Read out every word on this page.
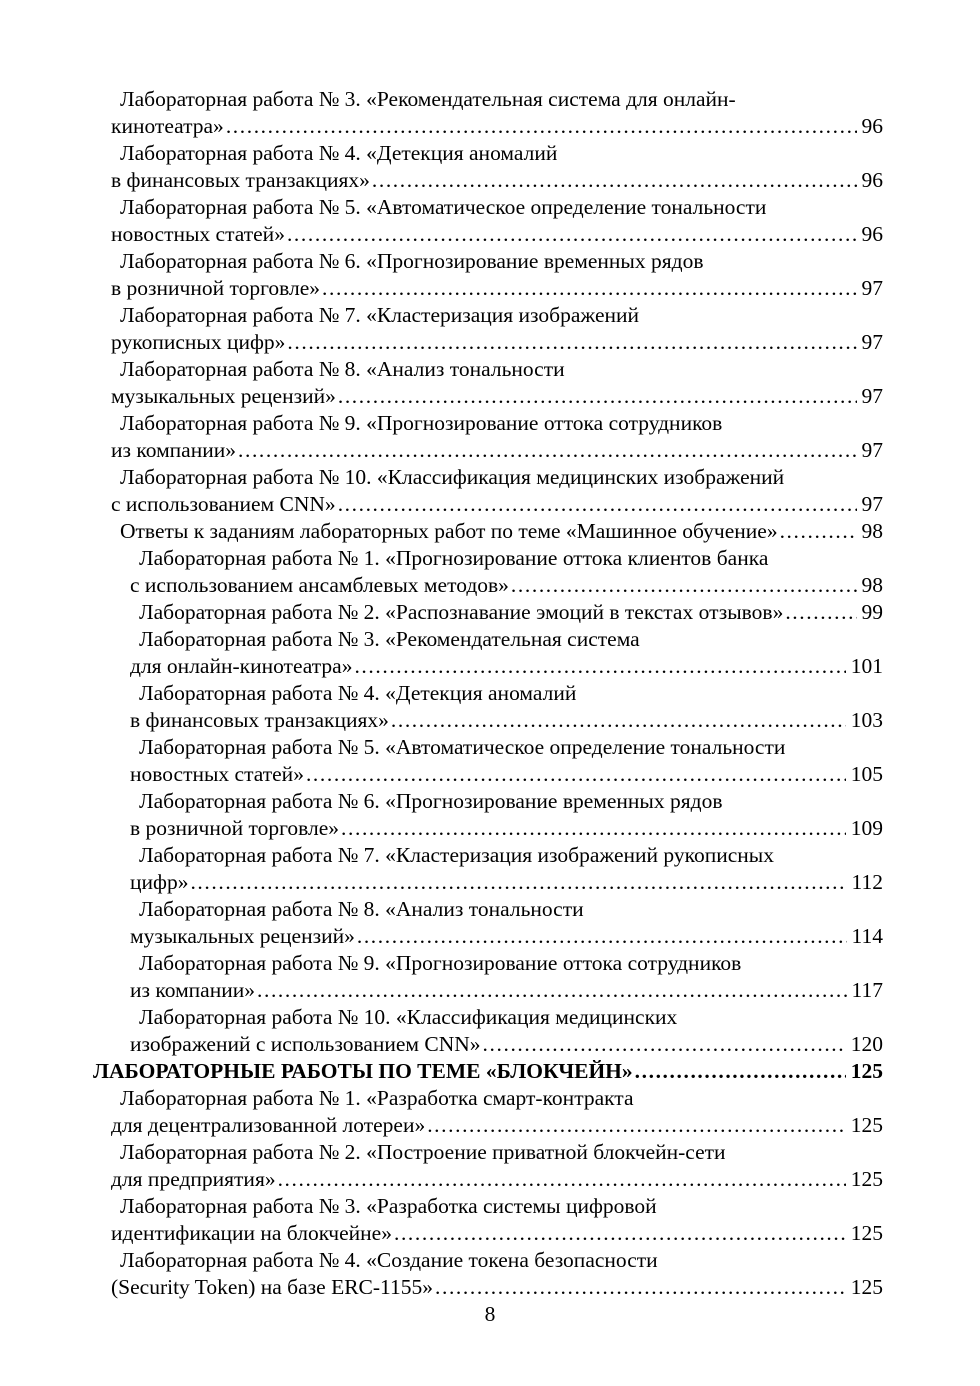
Лабораторная работа № 3. «Рекомендательная система для онлайн-
кинотеатра» .....	96
Лабораторная работа № 4. «Детекция аномалий
в финансовых транзакциях» .....	96
Лабораторная работа № 5. «Автоматическое определение тональности
новостных статей» .....	96
Лабораторная работа № 6. «Прогнозирование временных рядов
в розничной торговле» .....	97
Лабораторная работа № 7. «Кластеризация изображений
рукописных цифр» .....	97
Лабораторная работа № 8. «Анализ тональности
музыкальных рецензий» .....	97
Лабораторная работа № 9. «Прогнозирование оттока сотрудников
из компании» .....	97
Лабораторная работа № 10. «Классификация медицинских изображений
с использованием CNN» .....	97
Ответы к заданиям лабораторных работ по теме «Машинное обучение» .....	98
Лабораторная работа № 1. «Прогнозирование оттока клиентов банка
с использованием ансамблевых методов» .....	98
Лабораторная работа № 2. «Распознавание эмоций в текстах отзывов» .....	99
Лабораторная работа № 3. «Рекомендательная система
для онлайн-кинотеатра» .....	101
Лабораторная работа № 4. «Детекция аномалий
в финансовых транзакциях» .....	103
Лабораторная работа № 5. «Автоматическое определение тональности
новостных статей» .....	105
Лабораторная работа № 6. «Прогнозирование временных рядов
в розничной торговле» .....	109
Лабораторная работа № 7. «Кластеризация изображений рукописных
цифр» .....	112
Лабораторная работа № 8. «Анализ тональности
музыкальных рецензий» .....	114
Лабораторная работа № 9. «Прогнозирование оттока сотрудников
из компании» .....	117
Лабораторная работа № 10. «Классификация медицинских
изображений с использованием CNN» .....	120
ЛАБОРАТОРНЫЕ РАБОТЫ ПО ТЕМЕ «БЛОКЧЕЙН» .....	125
Лабораторная работа № 1. «Разработка смарт-контракта
для децентрализованной лотереи» .....	125
Лабораторная работа № 2. «Построение приватной блокчейн-сети
для предприятия» .....	125
Лабораторная работа № 3. «Разработка системы цифровой
идентификации на блокчейне» .....	125
Лабораторная работа № 4. «Создание токена безопасности
(Security Token) на базе ERC-1155» .....	125
8
